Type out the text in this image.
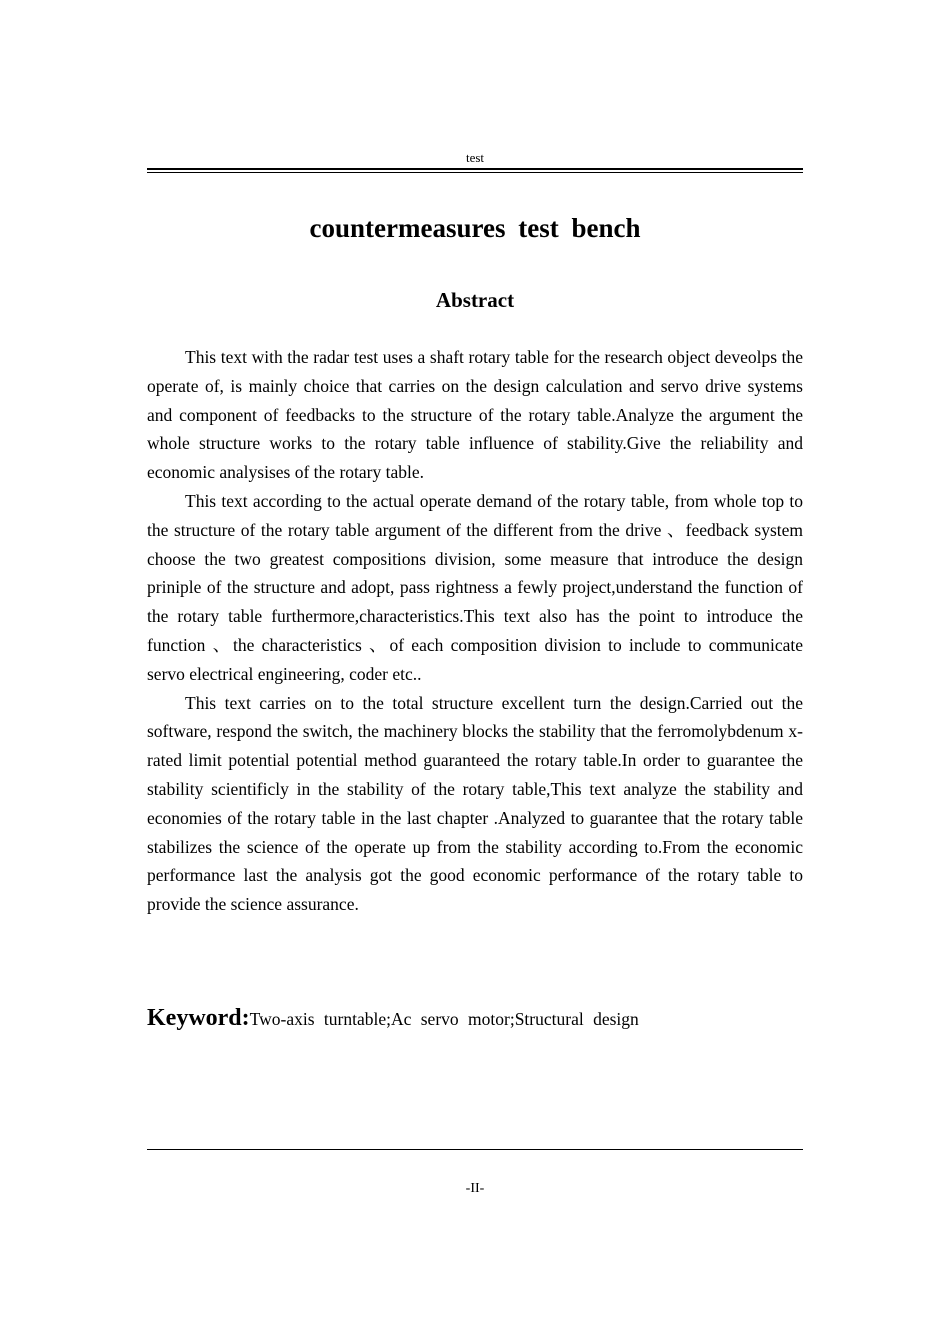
test
countermeasures test bench
Abstract

This text with the radar test uses a shaft rotary table for the research object deveolps the operate of, is mainly choice that carries on the design calculation and servo drive systems and component of feedbacks to the structure of the rotary table.Analyze the argument the whole structure works to the rotary table influence of stability.Give the reliability and economic analysises of the rotary table.

This text according to the actual operate demand of the rotary table, from whole top to the structure of the rotary table argument of the different from the drive 、feedback system choose the two greatest compositions division, some measure that introduce the design priniple of the structure and adopt, pass rightness a fewly project,understand the function of the rotary table furthermore,characteristics.This text also has the point to introduce the function 、the characteristics 、of each composition division to include to communicate servo electrical engineering, coder etc..

This text carries on to the total structure excellent turn the design.Carried out the software, respond the switch, the machinery blocks the stability that the ferromolybdenum x-rated limit potential potential method guaranteed the rotary table.In order to guarantee the stability scientificly in the stability of the rotary table,This text analyze the stability and economies of the rotary table in the last chapter .Analyzed to guarantee that the rotary table stabilizes the science of the operate up from the stability according to.From the economic performance last the analysis got the good economic performance of the rotary table to provide the science assurance.

Keyword:Two-axis turntable;Ac servo motor;Structural design
-II-
